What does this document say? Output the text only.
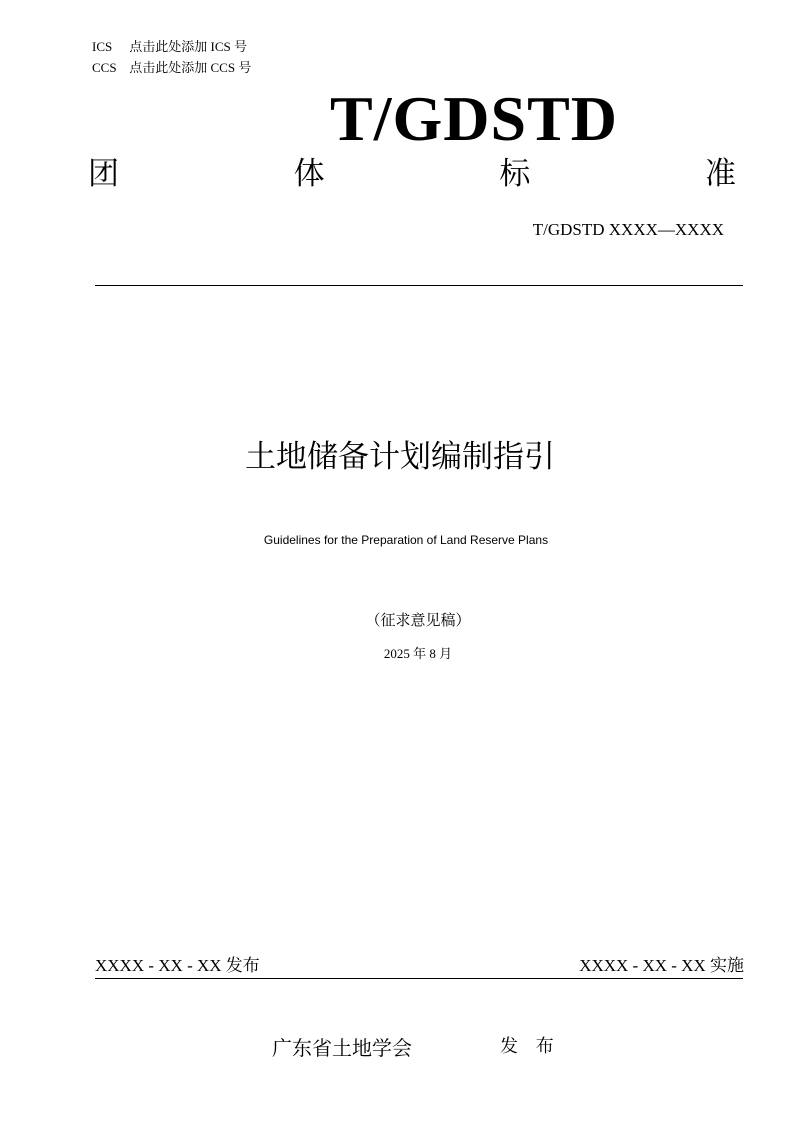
ICS 点击此处添加 ICS 号
CCS 点击此处添加 CCS 号
T/GDSTD
团	体	标	准
T/GDSTD XXXX—XXXX
土地储备计划编制指引
Guidelines for the Preparation of Land Reserve Plans
（征求意见稿）
2025 年 8 月
XXXX - XX - XX 发布	XXXX - XX - XX 实施
广东省土地学会	发 布
